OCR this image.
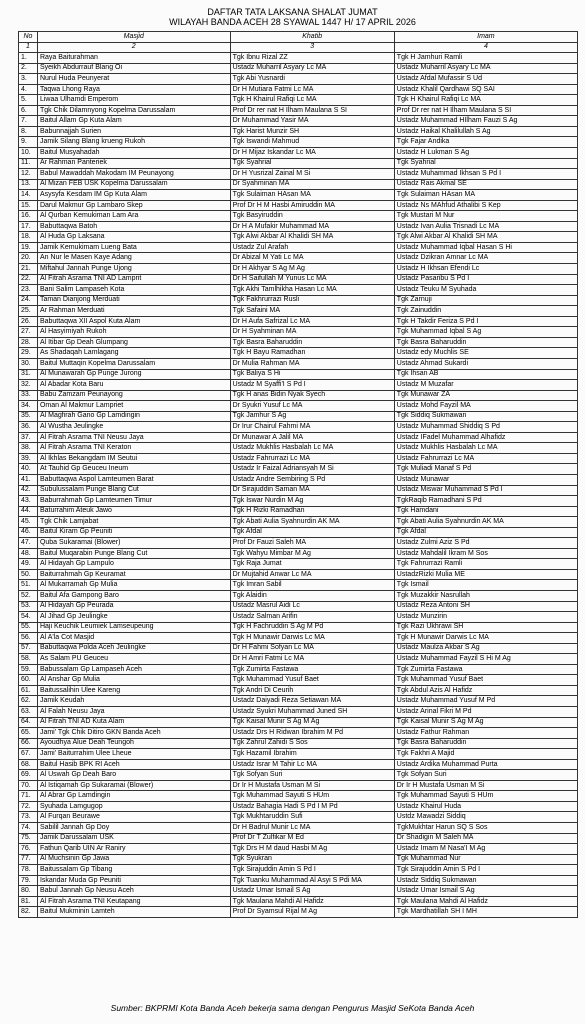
DAFTAR TATA LAKSANA SHALAT JUMAT
WILAYAH BANDA ACEH 28 SYAWAL 1447 H/ 17 APRIL 2026
No	Masjid	Khatib	Imam
1	2	3	4
1.	Raya Baiturahman	Tgk Ibnu Rizal ZZ	Tgk H Jamhuri Ramli
2.	Syeikh Abdurrauf Blang Oi	Ustadz Muharril Asyary Lc MA	Ustadz Muharril Asyary Lc MA
3.	Nurul Huda Peunyerat	Tgk Abi Yusnardi	Ustadz Afdal Mufassir S Ud
4.	Taqwa Lhong Raya	Dr H Mutiara Fatmi Lc MA	Ustadz Khalil Qardhawi SQ SAI
5.	Liwaa Ulhamdi Emperom	Tgk H Khairul Rafiqi Lc MA	Tgk H Khairul Rafiqi Lc MA
6.	Tgk Chik Dilamnyong Kopelma Darussalam	Prof Dr rer nat H Ilham Maulana S SI	Prof Dr rer nat H Ilham Maulana S SI
7.	Baitul Allam Gp Kuta Alam	Dr Muhammad Yasir MA	Ustadz Muhammad HIlham Fauzi S Ag
8.	Babunnajjah Surien	Tgk Harist Munzir SH	Ustadz Haikal Khalilullah S Ag
9.	Jamik Silang Blang krueng Rukoh	Tgk Iswandi Mahmud	Tgk Fajar Andika
10.	Baitul Musyahadah	Dr H Mijaz Iskandar Lc MA	Ustadz H Lukman S Ag
11.	Ar Rahman Panteriek	Tgk Syahrial	Tgk Syahrial
12.	Babul Mawaddah Makodam IM Peunayong	Dr H Yusrizal Zainal M Si	Ustadz Muhammad Ikhsan S Pd I
13.	Al Mizan FEB USK Kopelma Darussalam	Dr Syahminan MA	Ustadz Rais Akmal SE
14.	Asysyfa Kesdam IM Gp Kuta Alam	Tgk Sulaiman HAsan MA	Tgk Sulaiman HAsan MA
15.	Darul Makmur Gp Lambaro Skep	Prof Dr H M Hasbi Amiruddin MA	Ustadz Ns MAhfud Athalibi S Kep
16.	Al Qurban Kemukiman Lam Ara	Tgk Basyiruddin	Tgk Mustari M Nur
17.	Babuttaqwa Batoh	Dr H A Mufakir Muhammad MA	Ustadz Ivan Aulia Trisnadi Lc MA
18.	Al Huda Gp Laksana	Tgk Alwi Akbar Al Khalidi SH MA	Tgk Alwi Akbar Al Khalidi SH MA
19.	Jamik Kemukimam Lueng Bata	Ustadz Zul Arafah	Ustadz Muhammad Iqbal Hasan S Hi
20.	An Nur le Masen Kaye Adang	Dr Abizal M Yati Lc MA	Ustadz Dzikran Amnar Lc MA
21.	Miftahul Jannah Punge Ujong	Dr H Akhyar S Ag M Ag	Ustadz H Ikhsan Efendi Lc
22.	Al Fitrah Asrama TNI AD Lamprit	Dr H Saifullah M Yunus Lc MA	Ustadz Pasaribu S Pd I
23.	Bani Salim Lampaseh Kota	Tgk Akhi Tamlhikha Hasan Lc MA	Ustadz Teuku M Syuhada
24.	Taman Dianjong Merduati	Tgk Fakhrurrazi Rusli	Tgk Zarnuji
25.	Ar Rahman Merduati	Tgk Safaini MA	Tgk Zainuddin
26.	Babuttaqwa XII Aspol Kuta Alam	Dr H Aufa Safrizal Lc MA	Tgk H Takdir Feriza S Pd I
27.	Al Hasyimiyah Rukoh	Dr H Syahminan MA	Tgk Muhammad Iqbal S Ag
28.	Al Itibar Gp Deah Glumpang	Tgk Basra Baharuddin	Tgk Basra Baharuddin
29.	As Shadaqah Lamlagang	Tgk H Bayu Ramadhan	Ustadz edy Muchlis SE
30.	Baitul Muttaqin Kopelma Darussalam	Dr Mulia Rahman MA	Ustadz Ahmad Sukardi
31.	Al Munawarah Gp Punge Jurong	Tgk Baliya S Hi	Tgk Ihsan AB
32.	Al Abadar Kota Baru	Ustadz M Syaffi'I S Pd I	Ustadz M Muzafar
33.	Babu Zamzam Peunayong	Tgk H anas Bidin Nyak Syech	Tgk Munawar ZA
34.	Oman Al Makmur Lampriet	Dr Syukri Yusuf Lc MA	Ustadz Mohd Fayzil MA
35.	Al Magfirah Gano Gp Lamdingin	Tgk Jamhur S Ag	Tgk Siddiq Sukmawan
36.	Al Wustha Jeulingke	Dr Irur Chairul Fahmi MA	Ustadz Muhammad Shiddiq S Pd
37.	Al Fitrah Asrama TNI Neusu Jaya	Dr Munawar A Jalil MA	Ustadz IFadel Muhammad Alhafidz
38.	Al Fitrah Asrama TNI Keraton	Ustadz Mukhlis Hasbalah Lc MA	Ustadz Mukhlis Hasbalah Lc MA
39.	Al Ikhlas Bekangdam IM Seutui	Ustadz Fahrurrazi Lc MA	Ustadz Fahrurrazi Lc MA
40.	At Tauhid Gp Geuceu Ineum	Ustadz Ir Faizal Adriansyah M Si	Tgk Muliadi Manaf S Pd
41.	Babuttaqwa Aspol Lamteumen Barat	Ustadz Andre Sembiring S Pd	Ustadz Munawar
42.	Subulussalam Punge Blang Cut	Dr Sirajuddin Saman MA	Ustadz Miswar Muhammad S Pd I
43.	Baburrahmah Gp Lamteumen Timur	Tgk Iswar Nurdin M Ag	TgkRaqib Ramadhani S Pd
44.	Baturrahim Ateuk Jawo	Tgk H Rizki Ramadhan	Tgk Hamdani
45.	Tgk Chik Lamjabat	Tgk Abati Aulia Syahnurdin AK MA	Tgk Abati Aulia Syahnurdin AK MA
46.	Baitul Kiram Gp Peuniti	Tgk Afdal	Tgk Afdal
47.	Quba Sukaramai (Blower)	Prof Dr Fauzi Saleh MA	Ustadz Zulmi Aziz S Pd
48.	Baitul Muqarabin Punge Blang Cut	Tgk Wahyu Mimbar M Ag	Ustadz Mahdalil Ikram M Sos
49.	Al Hidayah Gp Lampulo	Tgk Raja Jumat	Tgk Fahrurrazi Ramli
50.	Baiturrahmah Gp Keuramat	Dr Mujtahid Anwar Lc MA	UstadzRizki Mulia ME
51.	Al Mukarramah Gp Mulia	Tgk Imran Sabil	Tgk Ismail
52.	Baitul Afa Gampong Baro	Tgk Alaidin	Tgk Muzakkir Nasrullah
53.	Al Hidayah Gp Peurada	Ustadz Masrul Aidi Lc	Ustadz Reza Antoni SH
54.	Al Jihad Gp Jeulingke	Ustadz Salman Arifin	Ustadz Munzirin
55.	Haji Keuchik Leumiek Lamseupeung	Tgk H Fachruddin S Ag M Pd	Tgk Razi Ukhrawi SH
56.	Al A'la Cot Masjid	Tgk H Munawir Darwis Lc MA	Tgk H Munawir Darwis Lc MA
57.	Babuttaqwa Polda Aceh Jeulingke	Dr H Fahmi Sofyan Lc MA	Ustadz Maulza Akbar S Ag
58.	As Salam PU Geuceu	Dr H Amri Fatmi Lc MA	Ustadz Muhammad Fayzil S Hi M Ag
59.	Babussalam Gp Lampaseh Aceh	Tgk Zumirta Fastawa	Tgk Zumirta Fastawa
60.	Al Anshar Gp Mulia	Tgk Muhammad Yusuf Baet	Tgk Muhammad Yusuf Baet
61.	Baitussalihin Ulee Kareng	Tgk Andri Di Ceurih	Tgk Abdul Azis Al Hafidz
62.	Jamik Keudah	Ustadz Daiyadi Reza Setiawan MA	Ustadz Muhammad Yusuf M Pd
63.	Al Falah Neusu Jaya	Ustadz Syukri Muhammad Juned SH	Ustadz Arinal Fikri M Pd
64.	Al Fitrah TNI AD Kuta Alam	Tgk Kaisal Munir S Ag M Ag	Tgk Kaisal Munir S Ag M Ag
65.	Jami' Tgk Chik Ditiro GKN Banda Aceh	Ustadz Drs H Ridwan Ibrahim M Pd	Ustadz Fathur Rahman
66.	Ayoudhya Alue Deah Teungoh	Tgk Zahrul Zahidi S Sos	Tgk Basra Baharuddin
67.	Jami' Baiturrahim Ulee Lheue	Tgk Hazamil Ibrahim	Tgk Fakhri A Majid
68.	Baitul Hasib BPK RI Aceh	Ustadz Israr M Tahir Lc MA	Ustadz Ardika Muhammad Purta
69.	Al Uswah Gp Deah Baro	Tgk Sofyan Suri	Tgk Sofyan Suri
70.	Al Istiqamah Gp Sukaramai (Blower)	Dr Ir H Mustafa Usman M Si	Dr Ir H Mustafa Usman M Si
71.	Al Abrar Gp Lamdingin	Tgk Muhammad Sayuti S HUm	Tgk Muhammad Sayuti S HUm
72.	Syuhada Lamgugop	Ustadz Bahagia Hadi S Pd I M Pd	Ustadz Khairul Huda
73.	Al Furqan Beurawe	Tgk Mukhtaruddin Sufi	Ustdz Mawadzi Siddiq
74.	Sabilil Jannah Gp Doy	Dr H Badrul Munir Lc MA	TgkMukhtar Harun SQ S Sos
75.	Jamik Darussalam USK	Prof Dr T Zulfikar M Ed	Dr Shadigin M Saleh MA
76.	Fathun Qarib UIN Ar Raniry	Tgk Drs H M daud Hasbi M Ag	Ustadz Imam M Nasa'I M Ag
77.	Al Muchsinin Gp Jawa	Tgk Syukran	Tgk Muhammad Nur
78.	Baitussalam Gp Tibang	Tgk Sirajuddin Amin S Pd I	Tgk Sirajuddin Amin S Pd I
79.	Iskandar Muda Gp Peuniti	Tgk Tuanku Muhammad Al Asyi S Pdi MA	Ustadz Siddiq Sukmawan
80.	Babul Jannah Gp Neusu Aceh	Ustadz Umar Ismail S Ag	Ustadz Umar Ismail S Ag
81.	Al Fitrah Asrama TNI Keutapang	Tgk Maulana Mahdi Al Hafidz	Tgk Maulana Mahdi Al Hafidz
82.	Baitul Mukminin Lamteh	Prof Dr Syamsul Rijal M Ag	Tgk Mardhatillah SH I MH
Sumber: BKPRMI Kota Banda Aceh bekerja sama dengan Pengurus Masjid SeKota Banda Aceh
